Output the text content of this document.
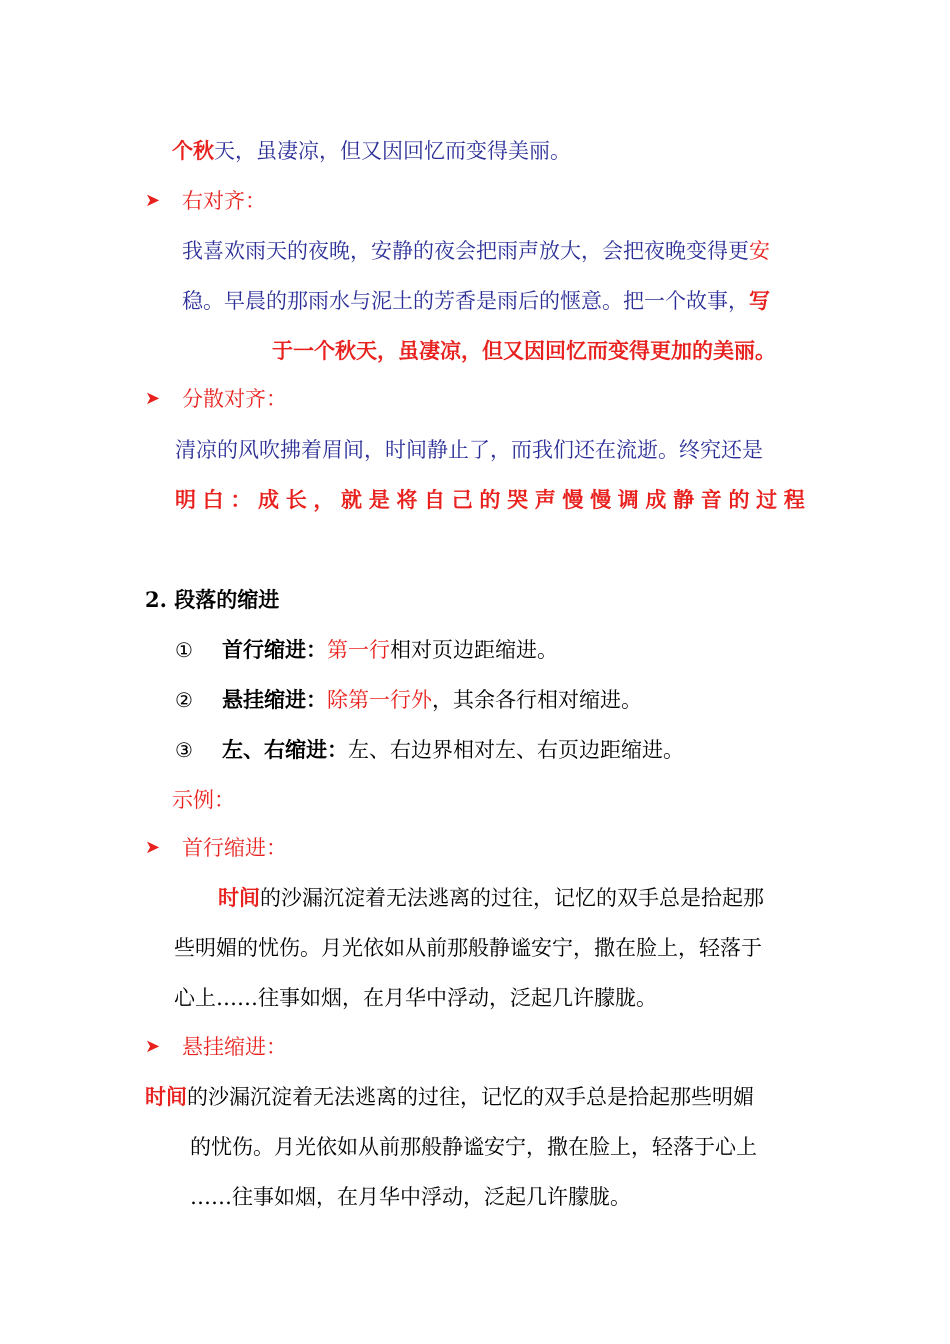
个秋天，虽凄凉，但又因回忆而变得美丽。
➤ 右对齐：
我喜欢雨天的夜晚，安静的夜会把雨声放大，会把夜晚变得更安
稳。早晨的那雨水与泥土的芳香是雨后的惬意。把一个故事，写
于一个秋天，虽凄凉，但又因回忆而变得更加的美丽。
➤ 分散对齐：
清凉的风吹拂着眉间，时间静止了，而我们还在流逝。终究还是
明 白 ： 成 长 ， 就 是 将 自 己 的 哭 声 慢 慢 调 成 静 音 的 过 程
2. 段落的缩进
① 首行缩进：第一行相对页边距缩进。
② 悬挂缩进：除第一行外，其余各行相对缩进。
③ 左、右缩进：左、右边界相对左、右页边距缩进。
示例：
➤ 首行缩进：
时间的沙漏沉淀着无法逃离的过往，记忆的双手总是拾起那
些明媚的忧伤。月光依如从前那般静谧安宁，撒在脸上，轻落于
心上……往事如烟，在月华中浮动，泛起几许朦胧。
➤ 悬挂缩进：
时间的沙漏沉淀着无法逃离的过往，记忆的双手总是拾起那些明媚
的忧伤。月光依如从前那般静谧安宁，撒在脸上，轻落于心上
……往事如烟，在月华中浮动，泛起几许朦胧。
